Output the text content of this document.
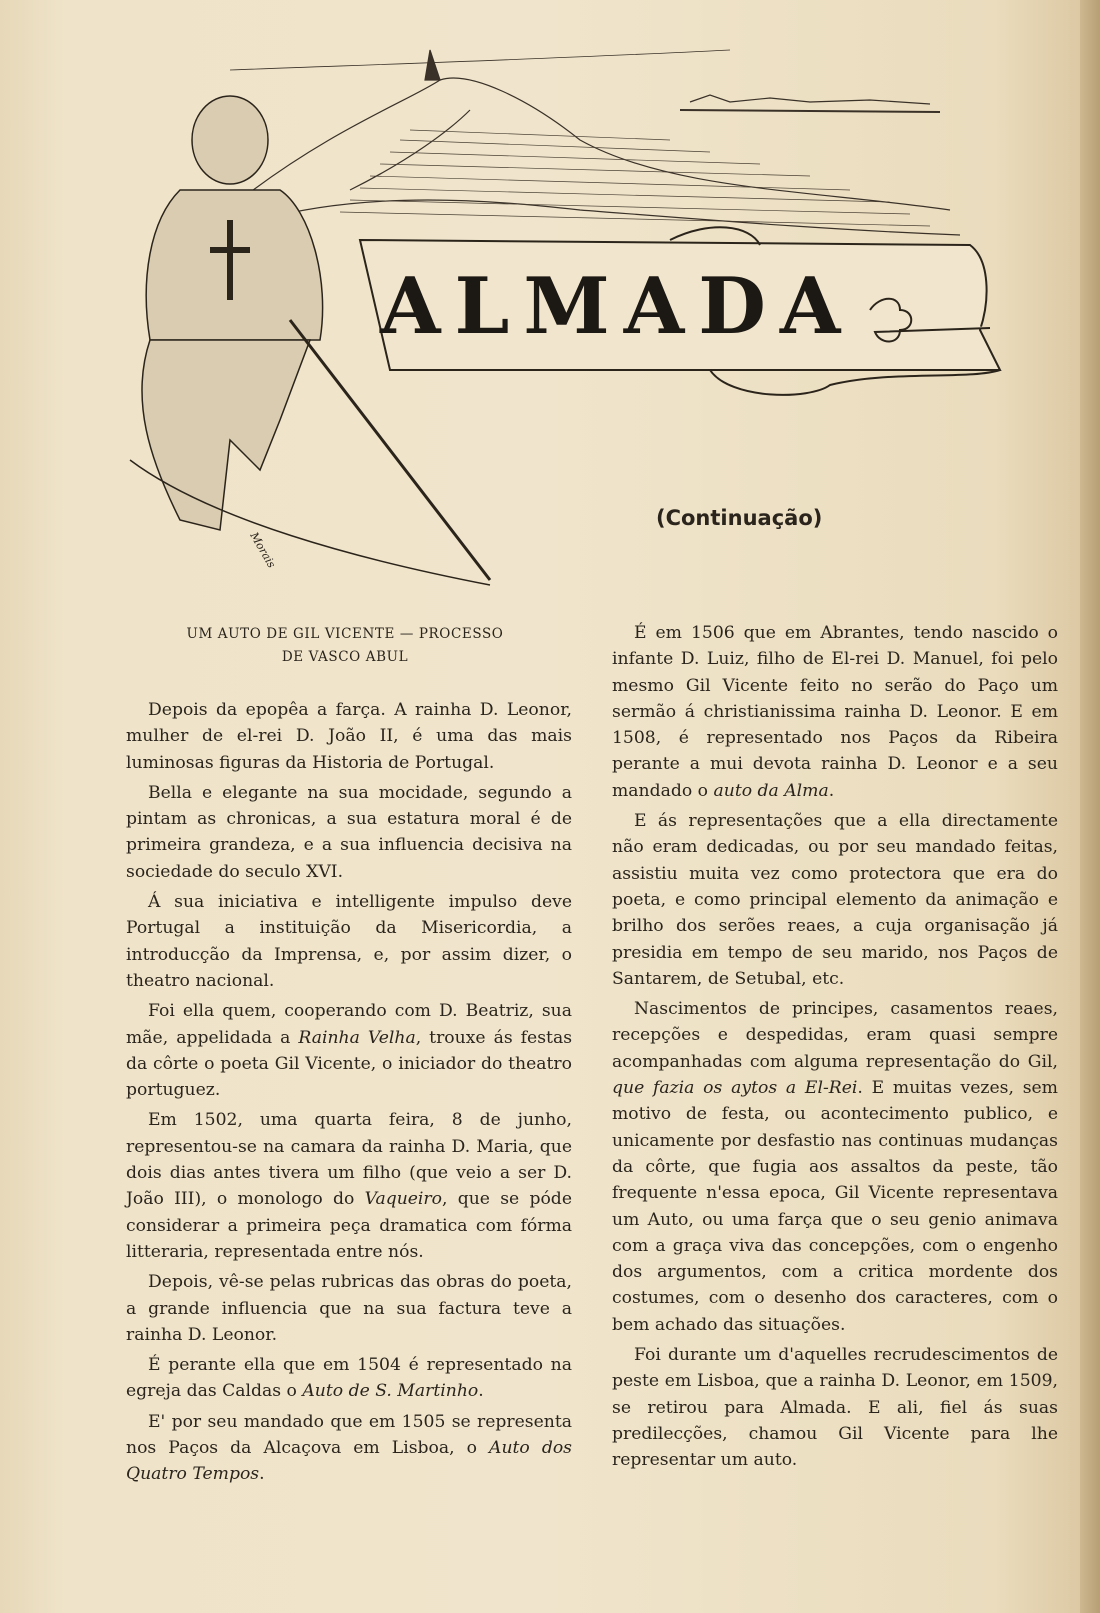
Morais
ALMADA
(Continuação)
UM AUTO DE GIL VICENTE — PROCESSO
DE VASCO ABUL

Depois da epopêa a farça. A rainha D. Leonor, mulher de el-rei D. João II, é uma das mais luminosas figuras da Historia de Portugal.

Bella e elegante na sua mocidade, segundo a pintam as chronicas, a sua estatura moral é de primeira grandeza, e a sua influencia decisiva na sociedade do seculo XVI.

Á sua iniciativa e intelligente impulso deve Portugal a instituição da Misericordia, a introducção da Imprensa, e, por assim dizer, o theatro nacional.

Foi ella quem, cooperando com D. Beatriz, sua mãe, appelidada a Rainha Velha, trouxe ás festas da côrte o poeta Gil Vicente, o iniciador do theatro portuguez.

Em 1502, uma quarta feira, 8 de junho, representou-se na camara da rainha D. Maria, que dois dias antes tivera um filho (que veio a ser D. João III), o monologo do Vaqueiro, que se póde considerar a primeira peça dramatica com fórma litteraria, representada entre nós.

Depois, vê-se pelas rubricas das obras do poeta, a grande influencia que na sua factura teve a rainha D. Leonor.

É perante ella que em 1504 é representado na egreja das Caldas o Auto de S. Martinho.

E' por seu mandado que em 1505 se representa nos Paços da Alcaçova em Lisboa, o Auto dos Quatro Tempos.

É em 1506 que em Abrantes, tendo nascido o infante D. Luiz, filho de El-rei D. Manuel, foi pelo mesmo Gil Vicente feito no serão do Paço um sermão á christianissima rainha D. Leonor. E em 1508, é representado nos Paços da Ribeira perante a mui devota rainha D. Leonor e a seu mandado o auto da Alma.

E ás representações que a ella directamente não eram dedicadas, ou por seu mandado feitas, assistiu muita vez como protectora que era do poeta, e como principal elemento da animação e brilho dos serões reaes, a cuja organisação já presidia em tempo de seu marido, nos Paços de Santarem, de Setubal, etc.

Nascimentos de principes, casamentos reaes, recepções e despedidas, eram quasi sempre acompanhadas com alguma representação do Gil, que fazia os aytos a El-Rei. E muitas vezes, sem motivo de festa, ou acontecimento publico, e unicamente por desfastio nas continuas mudanças da côrte, que fugia aos assaltos da peste, tão frequente n'essa epoca, Gil Vicente representava um Auto, ou uma farça que o seu genio animava com a graça viva das concepções, com o engenho dos argumentos, com a critica mordente dos costumes, com o desenho dos caracteres, com o bem achado das situações.

Foi durante um d'aquelles recrudescimentos de peste em Lisboa, que a rainha D. Leonor, em 1509, se retirou para Almada. E ali, fiel ás suas predilecções, chamou Gil Vicente para lhe representar um auto.
